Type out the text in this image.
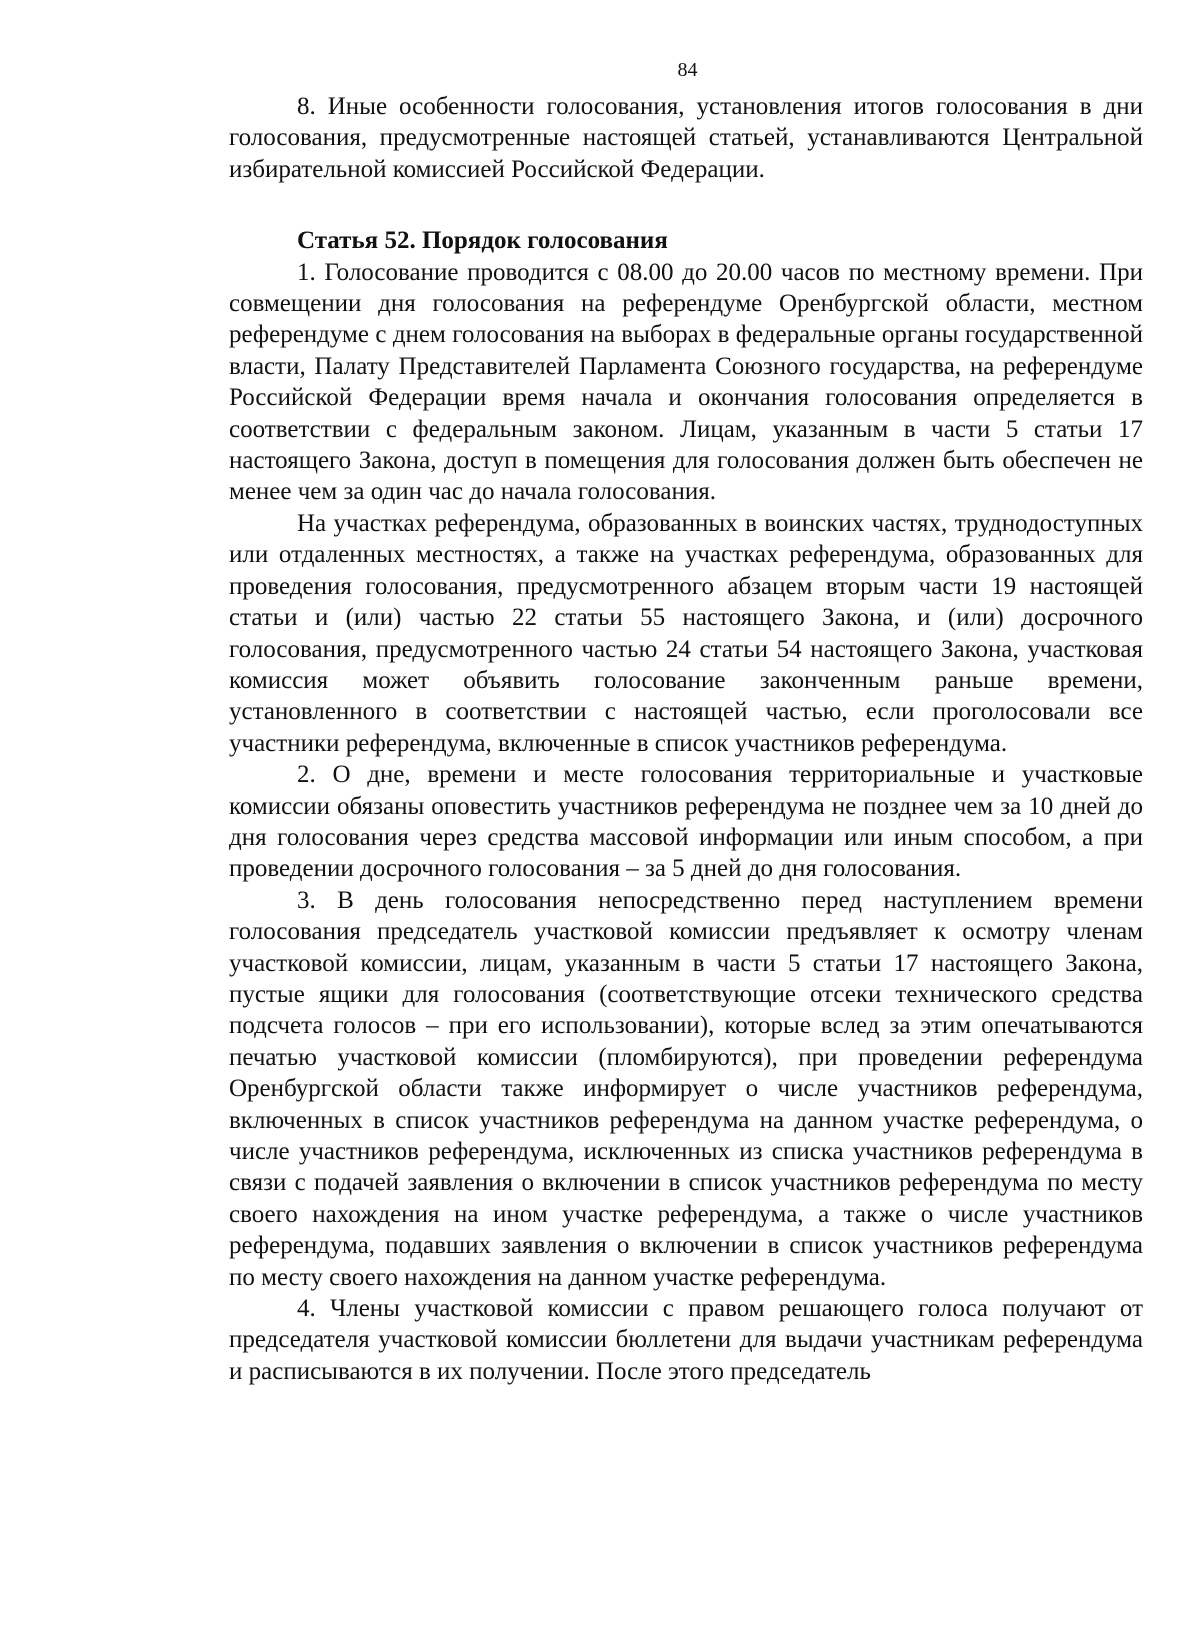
84

8. Иные особенности голосования, установления итогов голосования в дни голосования, предусмотренные настоящей статьей, устанавливаются Центральной избирательной комиссией Российской Федерации.

Статья 52. Порядок голосования

1. Голосование проводится с 08.00 до 20.00 часов по местному времени. При совмещении дня голосования на референдуме Оренбургской области, местном референдуме с днем голосования на выборах в федеральные органы государственной власти, Палату Представителей Парламента Союзного государства, на референдуме Российской Федерации время начала и окончания голосования определяется в соответствии с федеральным законом. Лицам, указанным в части 5 статьи 17 настоящего Закона, доступ в помещения для голосования должен быть обеспечен не менее чем за один час до начала голосования.

На участках референдума, образованных в воинских частях, труднодоступных или отдаленных местностях, а также на участках референдума, образованных для проведения голосования, предусмотренного абзацем вторым части 19 настоящей статьи и (или) частью 22 статьи 55 настоящего Закона, и (или) досрочного голосования, предусмотренного частью 24 статьи 54 настоящего Закона, участковая комиссия может объявить голосование законченным раньше времени, установленного в соответствии с настоящей частью, если проголосовали все участники референдума, включенные в список участников референдума.

2. О дне, времени и месте голосования территориальные и участковые комиссии обязаны оповестить участников референдума не позднее чем за 10 дней до дня голосования через средства массовой информации или иным способом, а при проведении досрочного голосования – за 5 дней до дня голосования.

3. В день голосования непосредственно перед наступлением времени голосования председатель участковой комиссии предъявляет к осмотру членам участковой комиссии, лицам, указанным в части 5 статьи 17 настоящего Закона, пустые ящики для голосования (соответствующие отсеки технического средства подсчета голосов – при его использовании), которые вслед за этим опечатываются печатью участковой комиссии (пломбируются), при проведении референдума Оренбургской области также информирует о числе участников референдума, включенных в список участников референдума на данном участке референдума, о числе участников референдума, исключенных из списка участников референдума в связи с подачей заявления о включении в список участников референдума по месту своего нахождения на ином участке референдума, а также о числе участников референдума, подавших заявления о включении в список участников референдума по месту своего нахождения на данном участке референдума.

4. Члены участковой комиссии с правом решающего голоса получают от председателя участковой комиссии бюллетени для выдачи участникам референдума и расписываются в их получении. После этого председатель
